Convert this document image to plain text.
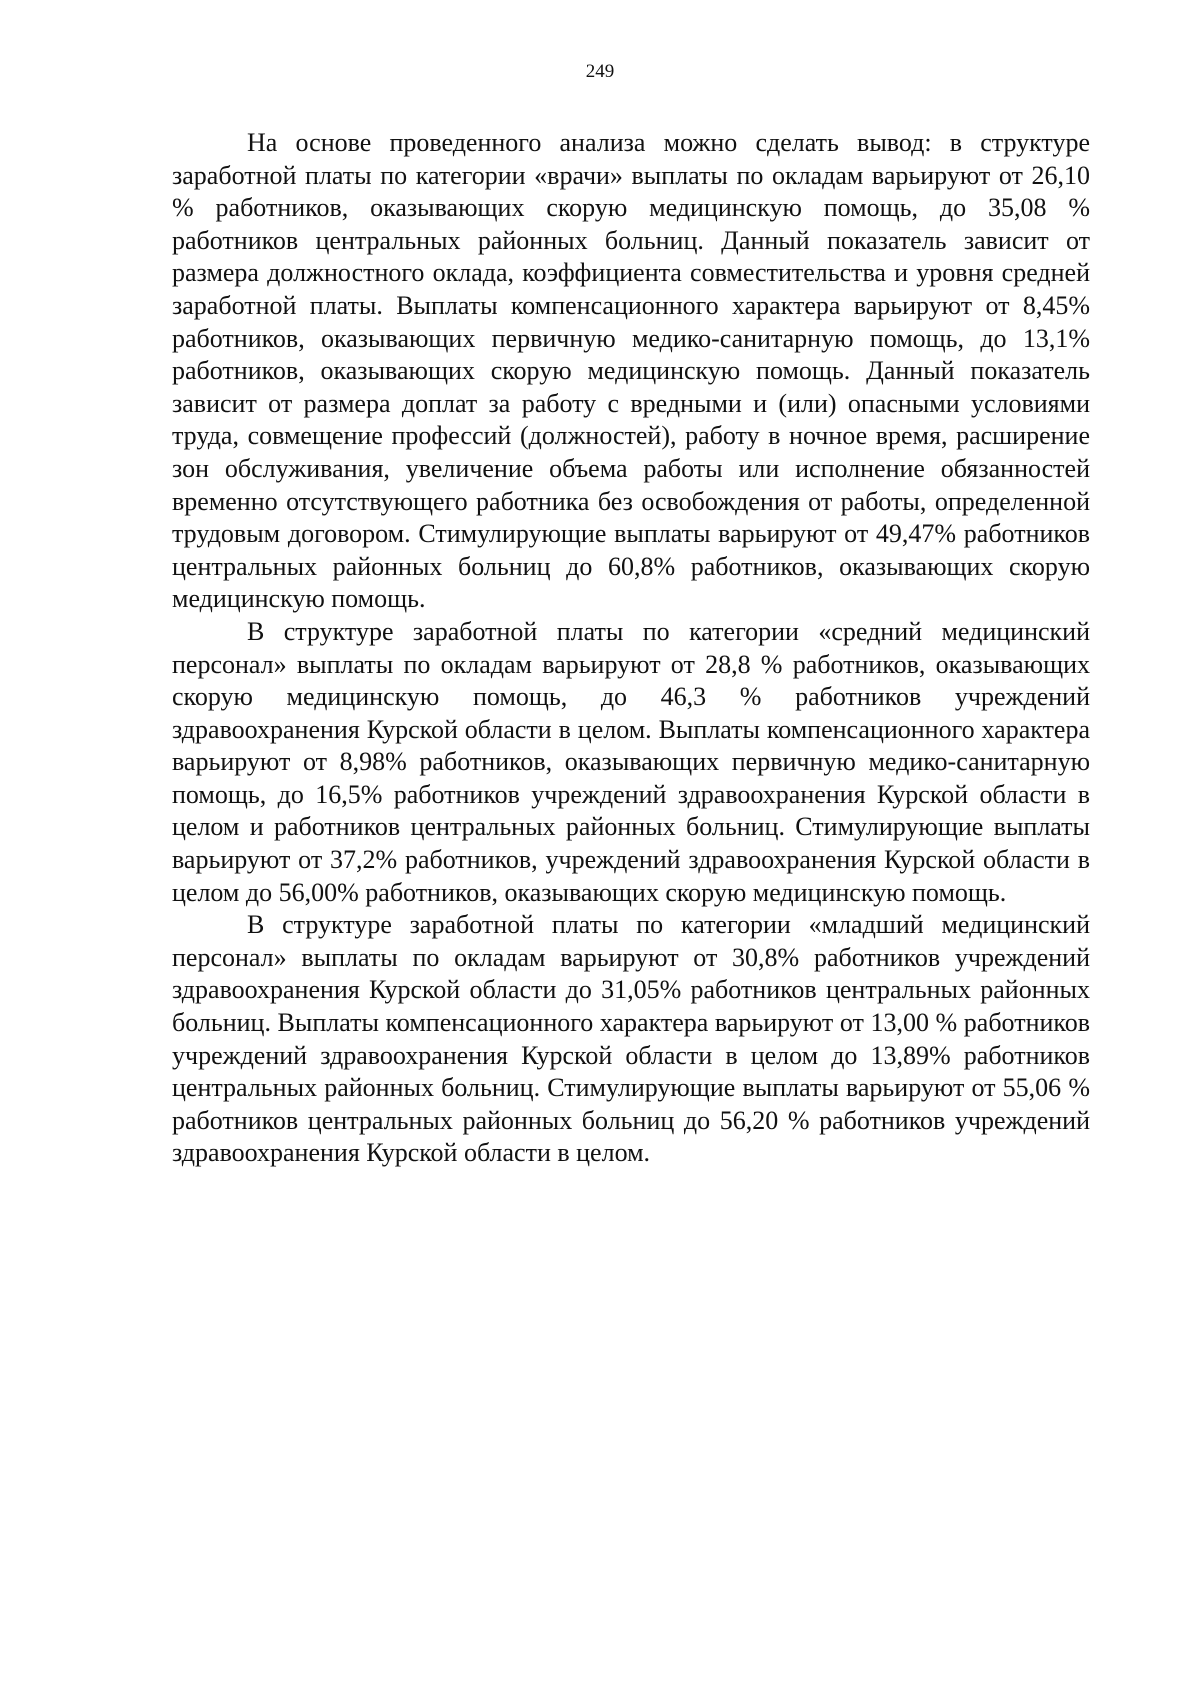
249

На основе проведенного анализа можно сделать вывод: в структуре заработной платы по категории «врачи» выплаты по окладам варьируют от 26,10 % работников, оказывающих скорую медицинскую помощь, до 35,08 % работников центральных районных больниц. Данный показатель зависит от размера должностного оклада, коэффициента совместительства и уровня средней заработной платы. Выплаты компенсационного характера варьируют от 8,45% работников, оказывающих первичную медико-санитарную помощь, до 13,1% работников, оказывающих скорую медицинскую помощь. Данный показатель зависит от размера доплат за работу с вредными и (или) опасными условиями труда, совмещение профессий (должностей), работу в ночное время, расширение зон обслуживания, увеличение объема работы или исполнение обязанностей временно отсутствующего работника без освобождения от работы, определенной трудовым договором. Стимулирующие выплаты варьируют от 49,47% работников центральных районных больниц до 60,8% работников, оказывающих скорую медицинскую помощь.

В структуре заработной платы по категории «средний медицинский персонал» выплаты по окладам варьируют от 28,8 % работников, оказывающих скорую медицинскую помощь, до 46,3 % работников учреждений здравоохранения Курской области в целом. Выплаты компенсационного характера варьируют от 8,98% работников, оказывающих первичную медико-санитарную помощь, до 16,5% работников учреждений здравоохранения Курской области в целом и работников центральных районных больниц. Стимулирующие выплаты варьируют от 37,2% работников, учреждений здравоохранения Курской области в целом до 56,00% работников, оказывающих скорую медицинскую помощь.

В структуре заработной платы по категории «младший медицинский персонал» выплаты по окладам варьируют от 30,8% работников учреждений здравоохранения Курской области до 31,05% работников центральных районных больниц. Выплаты компенсационного характера варьируют от 13,00 % работников учреждений здравоохранения Курской области в целом до 13,89% работников центральных районных больниц. Стимулирующие выплаты варьируют от 55,06 % работников центральных районных больниц до 56,20 % работников учреждений здравоохранения Курской области в целом.
